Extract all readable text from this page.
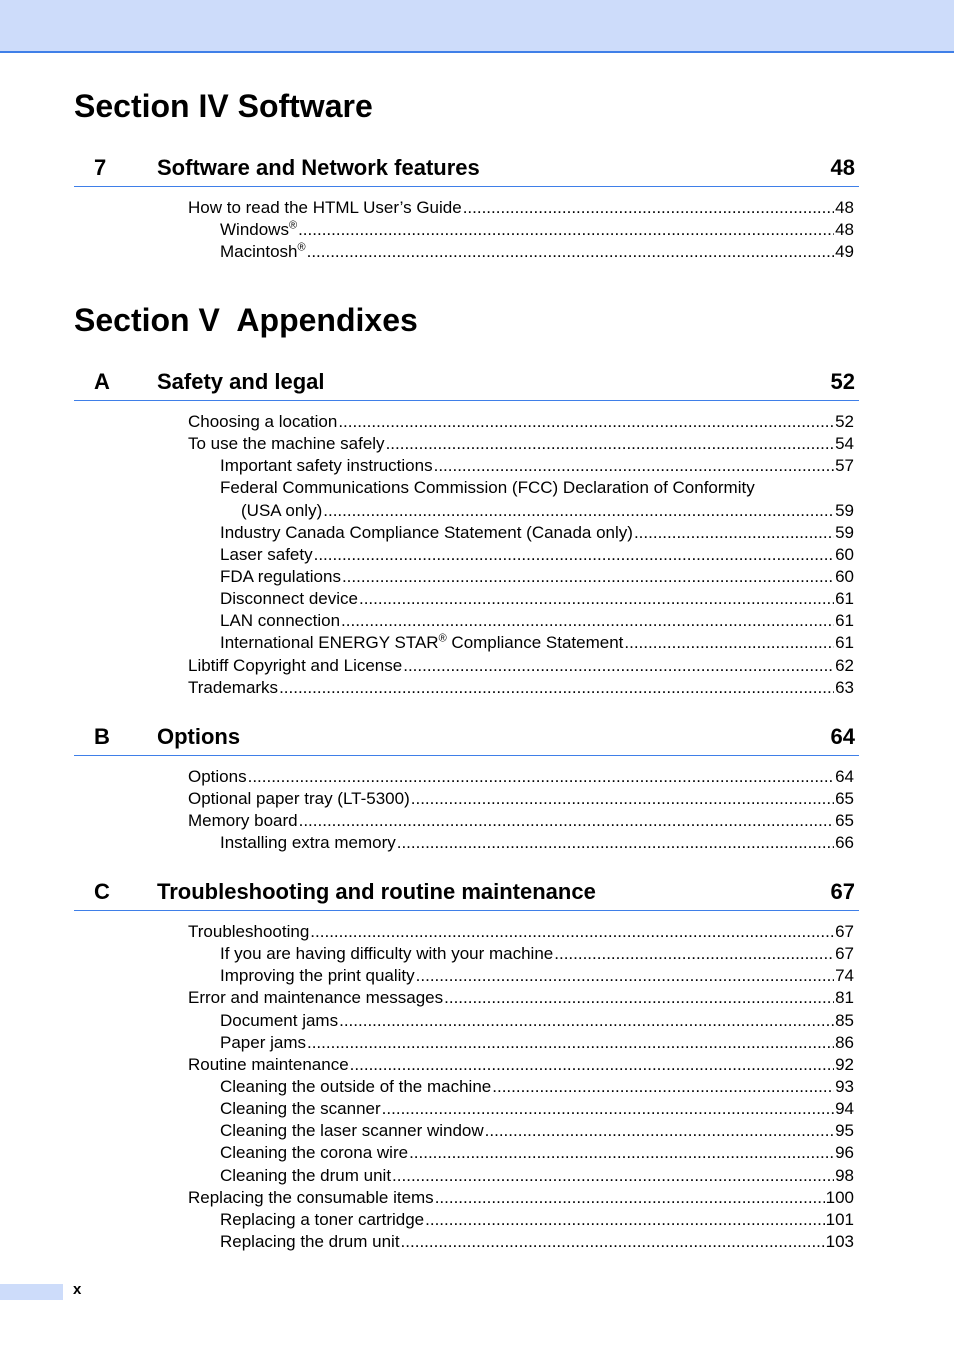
Section IV Software
7 Software and Network features	48
How to read the HTML User’s Guide .....	48
Windows® .....	48
Macintosh® .....	49
Section V  Appendixes
A Safety and legal	52
Choosing a location .....	52
To use the machine safely .....	54
Important safety instructions .....	57
Federal Communications Commission (FCC) Declaration of Conformity
(USA only) .....	59
Industry Canada Compliance Statement (Canada only) .....	59
Laser safety .....	60
FDA regulations .....	60
Disconnect device .....	61
LAN connection .....	61
International ENERGY STAR® Compliance Statement .....	61
Libtiff Copyright and License .....	62
Trademarks .....	63
B Options	64
Options .....	64
Optional paper tray (LT-5300) .....	65
Memory board .....	65
Installing extra memory .....	66
C Troubleshooting and routine maintenance	67
Troubleshooting .....	67
If you are having difficulty with your machine .....	67
Improving the print quality .....	74
Error and maintenance messages .....	81
Document jams .....	85
Paper jams .....	86
Routine maintenance .....	92
Cleaning the outside of the machine .....	93
Cleaning the scanner .....	94
Cleaning the laser scanner window .....	95
Cleaning the corona wire .....	96
Cleaning the drum unit .....	98
Replacing the consumable items .....	100
Replacing a toner cartridge .....	101
Replacing the drum unit .....	103
x
